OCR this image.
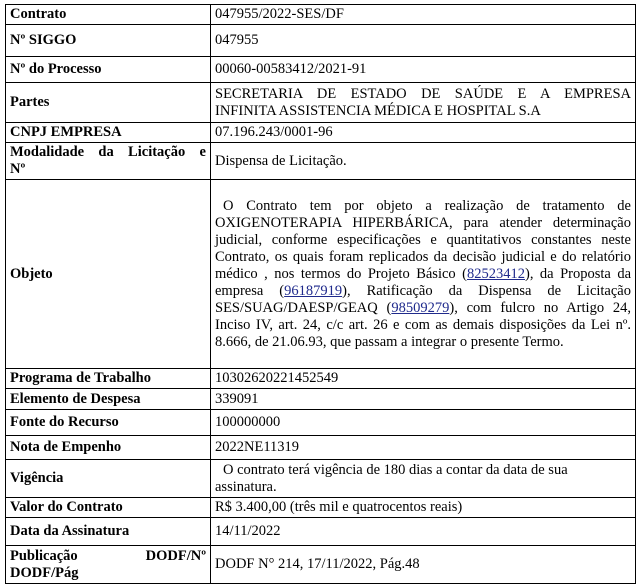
Contrato	047955/2022-SES/DF
Nº SIGGO	047955
Nº do Processo	00060-00583412/2021-91
Partes	SECRETARIA DE ESTADO DE SAÚDE E A EMPRESA
INFINITA ASSISTENCIA MÉDICA E HOSPITAL S.A

CNPJ EMPRESA	07.196.243/0001-96

Modalidade da Licitação e
Nº	Dispensa de Licitação.
Objeto	O Contrato tem por objeto a realização de tratamento de OXIGENOTERAPIA HIPERBÁRICA, para atender determinação judicial, conforme especificações e quantitativos constantes neste Contrato, os quais foram replicados da decisão judicial e do relatório médico , nos termos do Projeto Básico (82523412), da Proposta da empresa (96187919), Ratificação da Dispensa de Licitação SES/SUAG/DAESP/GEAQ (98509279), com fulcro no Artigo 24, Inciso IV, art. 24, c/c art. 26 e com as demais disposições da Lei nº. 8.666, de 21.06.93, que passam a integrar o presente Termo.
Programa de Trabalho	10302620221452549
Elemento de Despesa	339091
Fonte do Recurso	100000000
Nota de Empenho	2022NE11319
Vigência	O contrato terá vigência de 180 dias a contar da data de sua assinatura.
Valor do Contrato	R$ 3.400,00 (três mil e quatrocentos reais)
Data da Assinatura	14/11/2022

Publicação DODF/Nº
DODF/Pág	DODF N° 214, 17/11/2022, Pág.48
